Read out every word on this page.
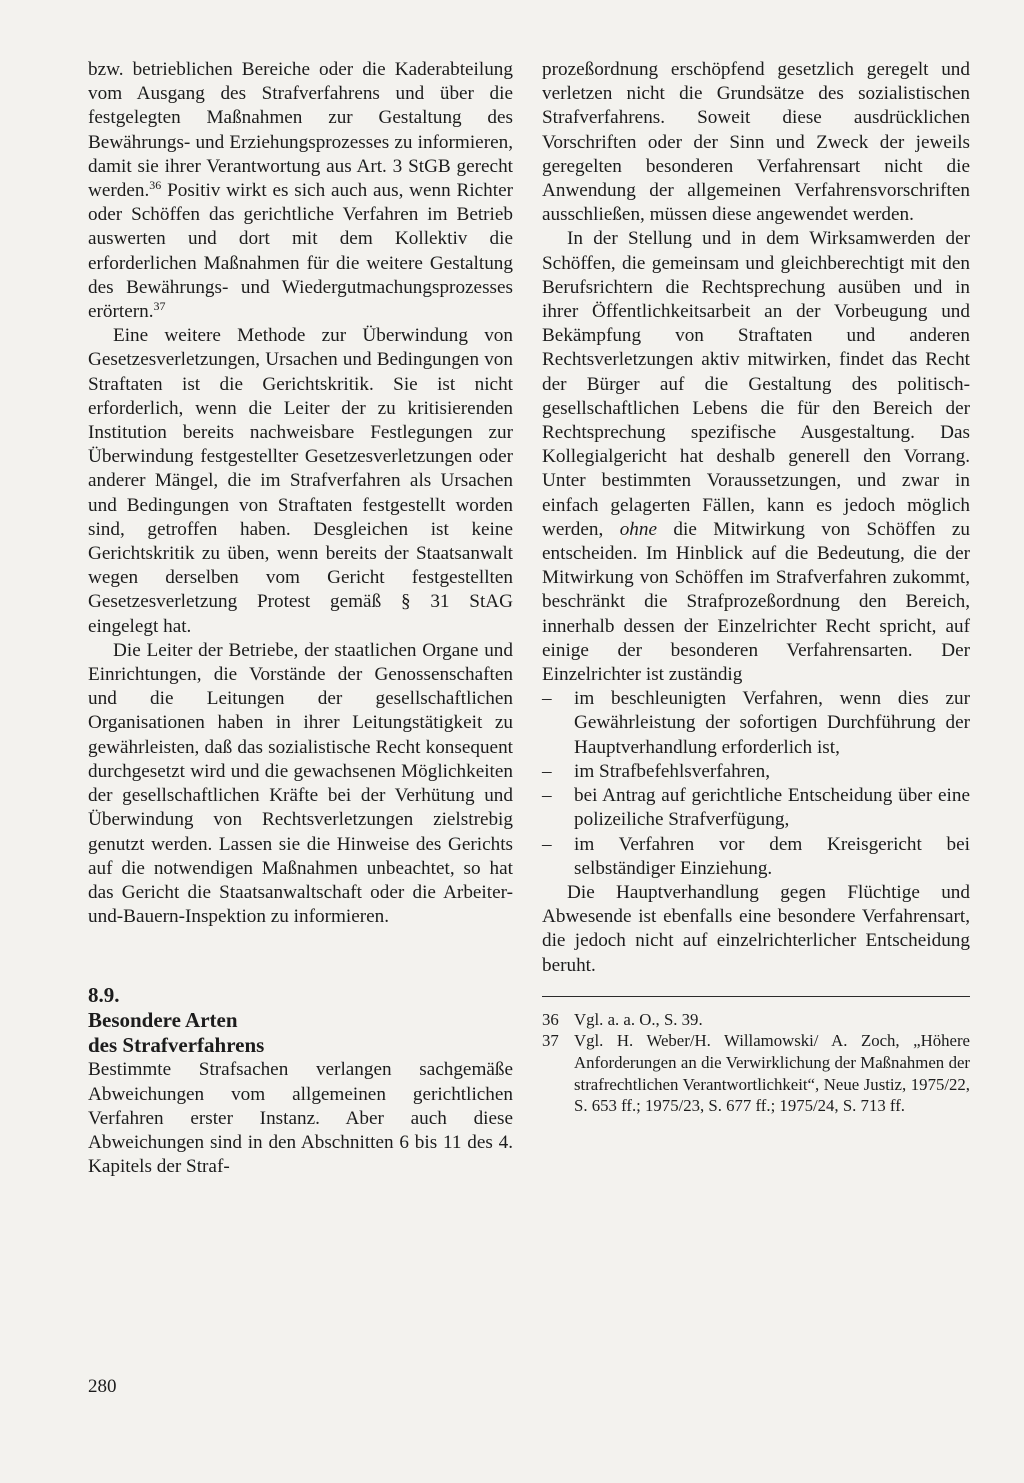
bzw. betrieblichen Bereiche oder die Kaderabteilung vom Ausgang des Strafverfahrens und über die festgelegten Maßnahmen zur Gestaltung des Bewährungs- und Erziehungsprozesses zu informieren, damit sie ihrer Verantwortung aus Art. 3 StGB gerecht werden.$^{36}$ Positiv wirkt es sich auch aus, wenn Richter oder Schöffen das gerichtliche Verfahren im Betrieb auswerten und dort mit dem Kollektiv die erforderlichen Maßnahmen für die weitere Gestaltung des Bewährungs- und Wiedergutmachungsprozesses erörtern.$^{37}$

Eine weitere Methode zur Überwindung von Gesetzesverletzungen, Ursachen und Bedingungen von Straftaten ist die Gerichtskritik. Sie ist nicht erforderlich, wenn die Leiter der zu kritisierenden Institution bereits nachweisbare Festlegungen zur Überwindung festgestellter Gesetzesverletzungen oder anderer Mängel, die im Strafverfahren als Ursachen und Bedingungen von Straftaten festgestellt worden sind, getroffen haben. Desgleichen ist keine Gerichtskritik zu üben, wenn bereits der Staatsanwalt wegen derselben vom Gericht festgestellten Gesetzesverletzung Protest gemäß § 31 StAG eingelegt hat.

Die Leiter der Betriebe, der staatlichen Organe und Einrichtungen, die Vorstände der Genossenschaften und die Leitungen der gesellschaftlichen Organisationen haben in ihrer Leitungstätigkeit zu gewährleisten, daß das sozialistische Recht konsequent durchgesetzt wird und die gewachsenen Möglichkeiten der gesellschaftlichen Kräfte bei der Verhütung und Überwindung von Rechtsverletzungen zielstrebig genutzt werden. Lassen sie die Hinweise des Gerichts auf die notwendigen Maßnahmen unbeachtet, so hat das Gericht die Staatsanwaltschaft oder die Arbeiter-und-Bauern-Inspektion zu informieren.

8.9.
Besondere Arten
des Strafverfahrens

Bestimmte Strafsachen verlangen sachgemäße Abweichungen vom allgemeinen gerichtlichen Verfahren erster Instanz. Aber auch diese Abweichungen sind in den Abschnitten 6 bis 11 des 4. Kapitels der Straf-

prozeßordnung erschöpfend gesetzlich geregelt und verletzen nicht die Grundsätze des sozialistischen Strafverfahrens. Soweit diese ausdrücklichen Vorschriften oder der Sinn und Zweck der jeweils geregelten besonderen Verfahrensart nicht die Anwendung der allgemeinen Verfahrensvorschriften ausschließen, müssen diese angewendet werden.

In der Stellung und in dem Wirksamwerden der Schöffen, die gemeinsam und gleichberechtigt mit den Berufsrichtern die Rechtsprechung ausüben und in ihrer Öffentlichkeitsarbeit an der Vorbeugung und Bekämpfung von Straftaten und anderen Rechtsverletzungen aktiv mitwirken, findet das Recht der Bürger auf die Gestaltung des politisch-gesellschaftlichen Lebens die für den Bereich der Rechtsprechung spezifische Ausgestaltung. Das Kollegialgericht hat deshalb generell den Vorrang. Unter bestimmten Voraussetzungen, und zwar in einfach gelagerten Fällen, kann es jedoch möglich werden, ohne die Mitwirkung von Schöffen zu entscheiden. Im Hinblick auf die Bedeutung, die der Mitwirkung von Schöffen im Strafverfahren zukommt, beschränkt die Strafprozeßordnung den Bereich, innerhalb dessen der Einzelrichter Recht spricht, auf einige der besonderen Verfahrensarten. Der Einzelrichter ist zuständig

– im beschleunigten Verfahren, wenn dies zur Gewährleistung der sofortigen Durchführung der Hauptverhandlung erforderlich ist,
– im Strafbefehlsverfahren,
– bei Antrag auf gerichtliche Entscheidung über eine polizeiliche Strafverfügung,
– im Verfahren vor dem Kreisgericht bei selbständiger Einziehung.

Die Hauptverhandlung gegen Flüchtige und Abwesende ist ebenfalls eine besondere Verfahrensart, die jedoch nicht auf einzelrichterlicher Entscheidung beruht.

36 Vgl. a. a. O., S. 39.
37 Vgl. H. Weber/H. Willamowski/ A. Zoch, „Höhere Anforderungen an die Verwirklichung der Maßnahmen der strafrechtlichen Verantwortlichkeit“, Neue Justiz, 1975/22, S. 653 ff.; 1975/23, S. 677 ff.; 1975/24, S. 713 ff.
280
